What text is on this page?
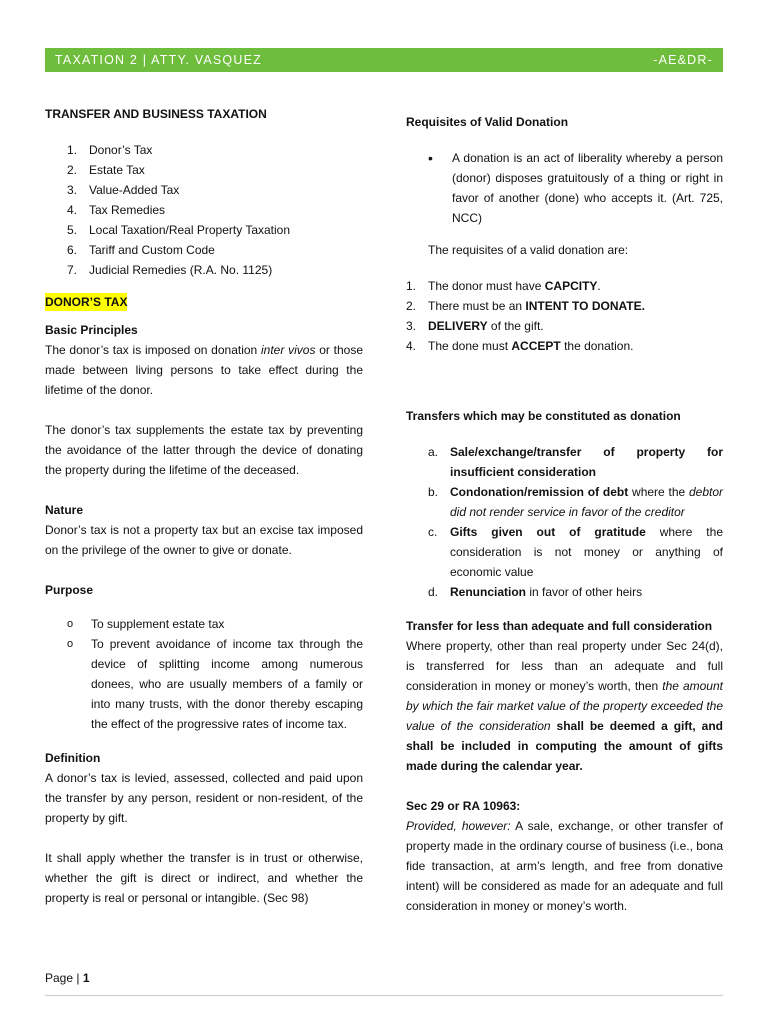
TAXATION 2 | ATTY. VASQUEZ	-AE&DR-
TRANSFER AND BUSINESS TAXATION
1. Donor’s Tax
2. Estate Tax
3. Value-Added Tax
4. Tax Remedies
5. Local Taxation/Real Property Taxation
6. Tariff and Custom Code
7. Judicial Remedies (R.A. No. 1125)
DONOR’S TAX
Basic Principles
The donor’s tax is imposed on donation inter vivos or those made between living persons to take effect during the lifetime of the donor.
The donor’s tax supplements the estate tax by preventing the avoidance of the latter through the device of donating the property during the lifetime of the deceased.
Nature
Donor’s tax is not a property tax but an excise tax imposed on the privilege of the owner to give or donate.
Purpose
o	To supplement estate tax
o	To prevent avoidance of income tax through the device of splitting income among numerous donees, who are usually members of a family or into many trusts, with the donor thereby escaping the effect of the progressive rates of income tax.
Definition
A donor’s tax is levied, assessed, collected and paid upon the transfer by any person, resident or non-resident, of the property by gift.
It shall apply whether the transfer is in trust or otherwise, whether the gift is direct or indirect, and whether the property is real or personal or intangible. (Sec 98)
Requisites of Valid Donation
•	A donation is an act of liberality whereby a person (donor) disposes gratuitously of a thing or right in favor of another (done) who accepts it. (Art. 725, NCC)
The requisites of a valid donation are:
1. The donor must have CAPCITY.
2. There must be an INTENT TO DONATE.
3. DELIVERY of the gift.
4. The done must ACCEPT the donation.
Transfers which may be constituted as donation
a. Sale/exchange/transfer of property for insufficient consideration
b. Condonation/remission of debt where the debtor did not render service in favor of the creditor
c.	Gifts given out of gratitude where the consideration is not money or anything of economic value
d. Renunciation in favor of other heirs
Transfer for less than adequate and full consideration
Where property, other than real property under Sec 24(d), is transferred for less than an adequate and full consideration in money or money’s worth, then the amount by which the fair market value of the property exceeded the value of the consideration shall be deemed a gift, and shall be included in computing the amount of gifts made during the calendar year.
Sec 29 or RA 10963:
Provided, however: A sale, exchange, or other transfer of property made in the ordinary course of business (i.e., bona fide transaction, at arm’s length, and free from donative intent) will be considered as made for an adequate and full consideration in money or money’s worth.
Page | 1
